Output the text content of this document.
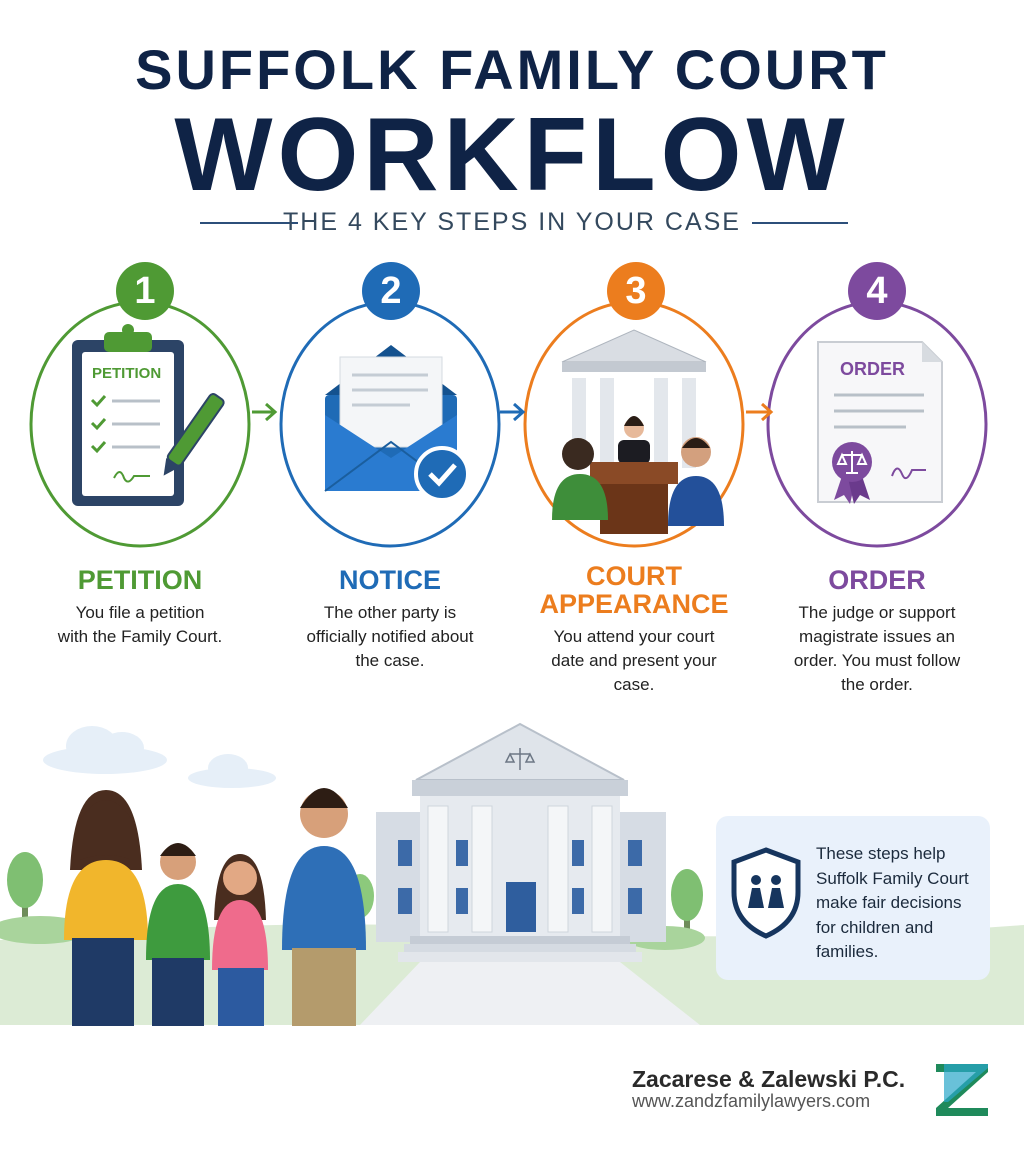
SUFFOLK FAMILY COURT
WORKFLOW
THE 4 KEY STEPS IN YOUR CASE
PETITION	ORDER
1	2	3	4
PETITION
You file a petition
with the Family Court.
NOTICE
The other party is
officially notified about
the case.
COURT
APPEARANCE
You attend your court
date and present your
case.
ORDER
The judge or support
magistrate issues an
order. You must follow
the order.
These steps help
Suffolk Family Court
make fair decisions
for children and
families.
Zacarese & Zalewski P.C.
www.zandzfamilylawyers.com
